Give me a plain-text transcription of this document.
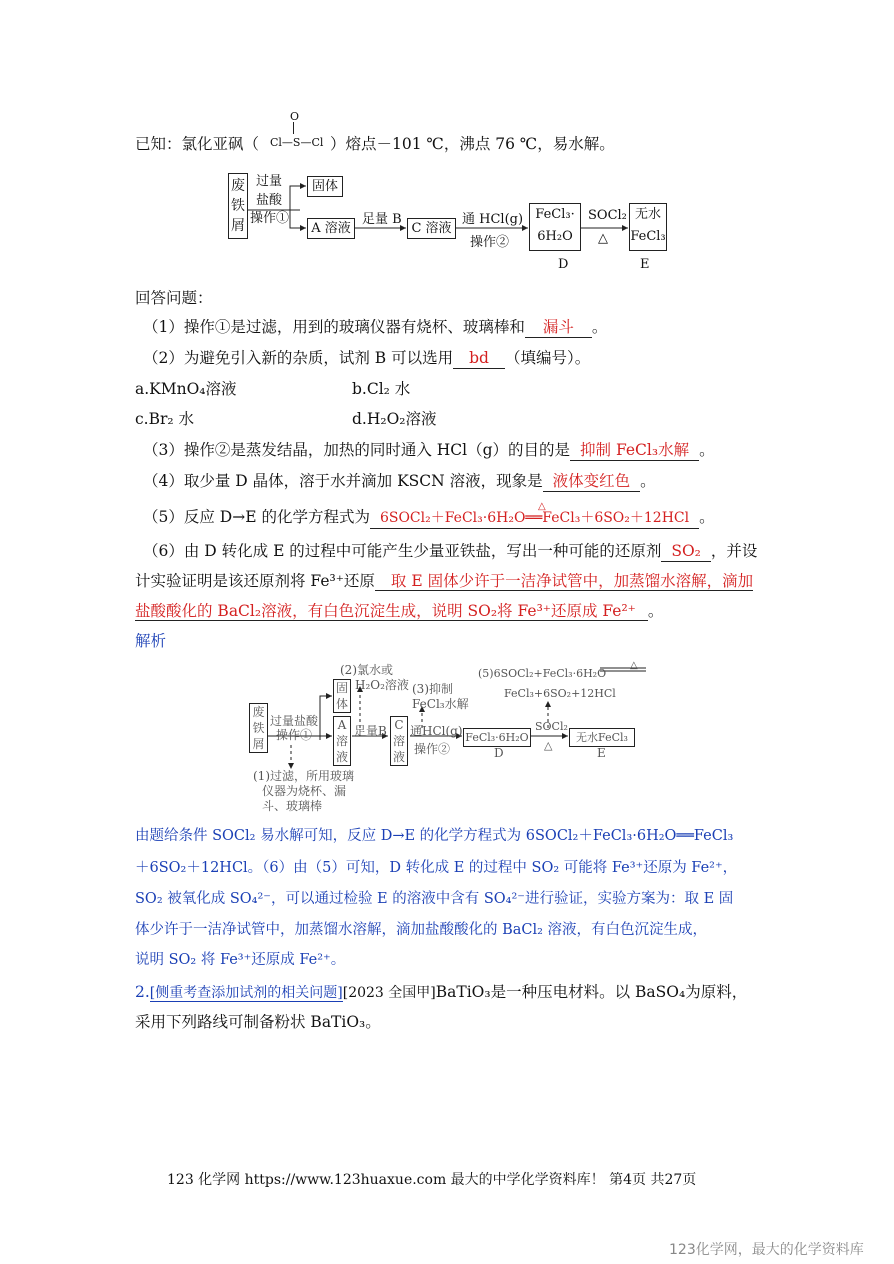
已知：氯化亚砜（
O
Cl—S—Cl ）熔点－101 ℃，沸点 76 ℃，易水解。
废铁屑
过量
盐酸
操作①
固体
A 溶液
足量 B
C 溶液
通 HCl(g)
操作②
FeCl₃·
6H₂O
SOCl₂
△
无水
FeCl₃
D	E
回答问题：
（1）操作①是过滤，用到的玻璃仪器有烧杯、玻璃棒和 漏斗 。
（2）为避免引入新的杂质，试剂 B 可以选用 bd （填编号）。
a.KMnO₄溶液	b.Cl₂ 水
c.Br₂ 水	d.H₂O₂溶液
（3）操作②是蒸发结晶，加热的同时通入 HCl（g）的目的是 抑制 FeCl₃水解 。
（4）取少量 D 晶体，溶于水并滴加 KSCN 溶液，现象是 液体变红色 。
（5）反应 D→E 的化学方程式为 6SOCl₂＋FeCl₃·6H₂O══FeCl₃＋6SO₂＋12HCl
△
。
（6）由 D 转化成 E 的过程中可能产生少量亚铁盐，写出一种可能的还原剂 SO₂ ，并设
计实验证明是该还原剂将 Fe³⁺还原 取 E 固体少许于一洁净试管中，加蒸馏水溶解，滴加
盐酸酸化的 BaCl₂溶液，有白色沉淀生成，说明 SO₂将 Fe³⁺还原成 Fe²⁺ 。
解析
废铁屑
过量盐酸
操作①
固体
A溶液
足量B C溶液
通HCl(g)
操作②
FeCl₃·6H₂O
D
SOCl₂
△
无水FeCl₃
E
(2)氯水或
H₂O₂溶液 (3)抑制
FeCl₃水解
(5)6SOCl₂+FeCl₃·6H₂O
△
FeCl₃+6SO₂+12HCl
(1)过滤，所用玻璃
仪器为烧杯、漏
斗、玻璃棒
由题给条件 SOCl₂ 易水解可知，反应 D→E 的化学方程式为 6SOCl₂＋FeCl₃·6H₂O══FeCl₃
＋6SO₂＋12HCl。（6）由（5）可知，D 转化成 E 的过程中 SO₂ 可能将 Fe³⁺还原为 Fe²⁺，
SO₂ 被氧化成 SO₄²⁻，可以通过检验 E 的溶液中含有 SO₄²⁻进行验证，实验方案为：取 E 固
体少许于一洁净试管中，加蒸馏水溶解，滴加盐酸酸化的 BaCl₂ 溶液，有白色沉淀生成，
说明 SO₂ 将 Fe³⁺还原成 Fe²⁺。
2.[侧重考查添加试剂的相关问题][2023 全国甲]BaTiO₃是一种压电材料。以 BaSO₄为原料，
采用下列路线可制备粉状 BaTiO₃。
123 化学网 https://www.123huaxue.com 最大的中学化学资料库！ 第4页 共27页
123化学网，最大的化学资料库
